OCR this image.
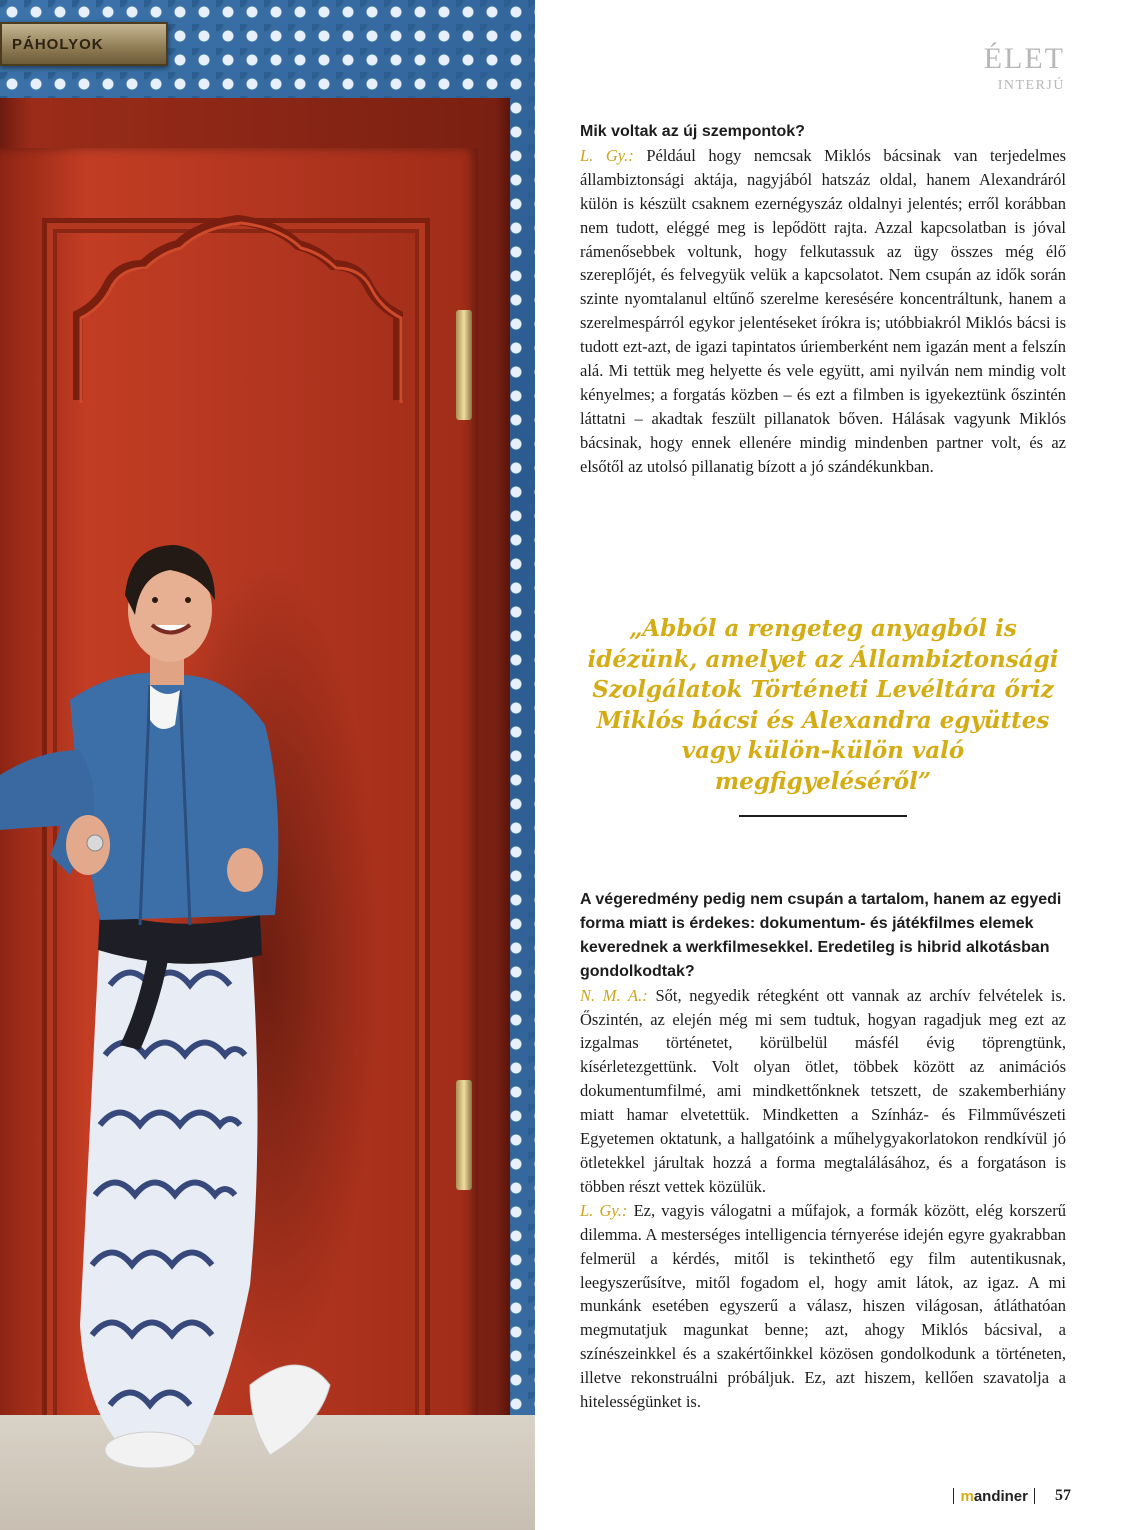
PÁHOLYOK	ÉLET
INTERJÚ

Mik voltak az új szempontok?

L. Gy.: Például hogy nemcsak Miklós bácsinak van terjedelmes állambiztonsági aktája, nagyjából hatszáz oldal, hanem Alexandráról külön is készült csaknem ezernégyszáz oldalnyi jelentés; erről korábban nem tudott, eléggé meg is lepődött rajta. Azzal kapcsolatban is jóval rámenősebbek voltunk, hogy felkutassuk az ügy összes még élő szereplőjét, és felvegyük velük a kapcsolatot. Nem csupán az idők során szinte nyomtalanul eltűnő szerelme keresésére koncentráltunk, hanem a szerelmespárról egykor jelentéseket írókra is; utóbbiakról Miklós bácsi is tudott ezt-azt, de igazi tapintatos úriemberként nem igazán ment a felszín alá. Mi tettük meg helyette és vele együtt, ami nyilván nem mindig volt kényelmes; a forgatás közben – és ezt a filmben is igyekeztünk őszintén láttatni – akadtak feszült pillanatok bőven. Hálásak vagyunk Miklós bácsinak, hogy ennek ellenére mindig mindenben partner volt, és az elsőtől az utolsó pillanatig bízott a jó szándékunkban.

„Abból a rengeteg anyagból is idézünk, amelyet az Állambiztonsági Szolgálatok Történeti Levéltára őriz Miklós bácsi és Alexandra együttes vagy külön-külön való megfigyeléséről”

A végeredmény pedig nem csupán a tartalom, hanem az egyedi forma miatt is érdekes: dokumentum- és játékfilmes elemek keverednek a werkfilmesekkel. Eredetileg is hibrid alkotásban gondolkodtak?

N. M. A.: Sőt, negyedik rétegként ott vannak az archív felvételek is. Őszintén, az elején még mi sem tudtuk, hogyan ragadjuk meg ezt az izgalmas történetet, körülbelül másfél évig töprengtünk, kísérletezgettünk. Volt olyan ötlet, többek között az animációs dokumentumfilmé, ami mindkettőnknek tetszett, de szakemberhiány miatt hamar elvetettük. Mindketten a Színház- és Filmművészeti Egyetemen oktatunk, a hallgatóink a műhelygyakorlatokon rendkívül jó ötletekkel járultak hozzá a forma megtalálásához, és a forgatáson is többen részt vettek közülük.

L. Gy.: Ez, vagyis válogatni a műfajok, a formák között, elég korszerű dilemma. A mesterséges intelligencia térnyerése idején egyre gyakrabban felmerül a kérdés, mitől is tekinthető egy film autentikusnak, leegyszerűsítve, mitől fogadom el, hogy amit látok, az igaz. A mi munkánk esetében egyszerű a válasz, hiszen világosan, átláthatóan megmutatjuk magunkat benne; azt, ahogy Miklós bácsival, a színészeinkkel és a szakértőinkkel közösen gondolkodunk a történeten, illetve rekonstruálni próbáljuk. Ez, azt hiszem, kellően szavatolja a hitelességünket is.

mandiner 57
